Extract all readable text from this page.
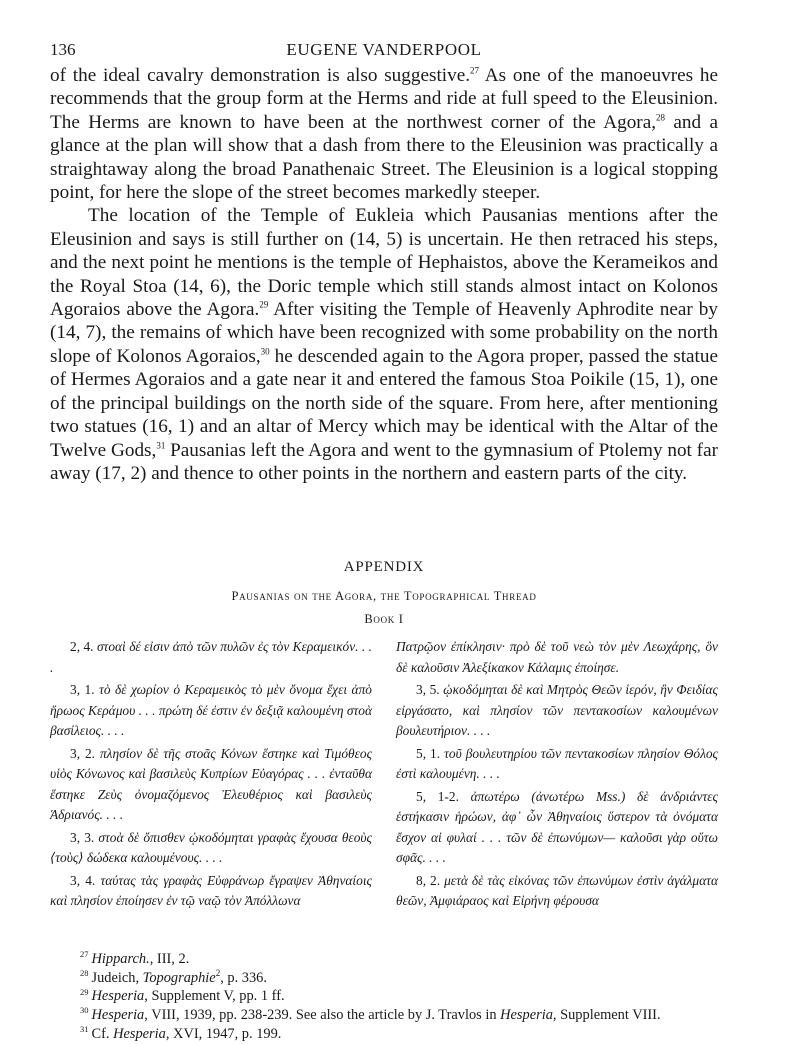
136	EUGENE VANDERPOOL

of the ideal cavalry demonstration is also suggestive.$^{27}$ As one of the manoeuvres he recommends that the group form at the Herms and ride at full speed to the Eleusinion. The Herms are known to have been at the northwest corner of the Agora,$^{28}$ and a glance at the plan will show that a dash from there to the Eleusinion was practically a straightaway along the broad Panathenaic Street. The Eleusinion is a logical stopping point, for here the slope of the street becomes markedly steeper.

The location of the Temple of Eukleia which Pausanias mentions after the Eleusinion and says is still further on (14, 5) is uncertain. He then retraced his steps, and the next point he mentions is the temple of Hephaistos, above the Kerameikos and the Royal Stoa (14, 6), the Doric temple which still stands almost intact on Kolonos Agoraios above the Agora.$^{29}$ After visiting the Temple of Heavenly Aphrodite near by (14, 7), the remains of which have been recognized with some probability on the north slope of Kolonos Agoraios,$^{30}$ he descended again to the Agora proper, passed the statue of Hermes Agoraios and a gate near it and entered the famous Stoa Poikile (15, 1), one of the principal buildings on the north side of the square. From here, after mentioning two statues (16, 1) and an altar of Mercy which may be identical with the Altar of the Twelve Gods,$^{31}$ Pausanias left the Agora and went to the gymnasium of Ptolemy not far away (17, 2) and thence to other points in the northern and eastern parts of the city.

APPENDIX
Pausanias on the Agora, the Topographical Thread
Book I

2, 4. στοαὶ δέ εἰσιν ἀπὸ τῶν πυλῶν ἐς τὸν Κεραμεικόν. . . .

3, 1. τὸ δὲ χωρίον ὁ Κεραμεικὸς τὸ μὲν ὄνομα ἔχει ἀπὸ ἥρωος Κεράμου . . . πρώτη δέ ἐστιν ἐν δεξιᾷ καλουμένη στοὰ βασίλειος. . . .

3, 2. πλησίον δὲ τῆς στοᾶς Κόνων ἕστηκε καὶ Τιμόθεος υἱὸς Κόνωνος καὶ βασιλεὺς Κυπρίων Εὐαγόρας . . . ἐνταῦθα ἕστηκε Ζεὺς ὀνομαζόμενος Ἐλευθέριος καὶ βασιλεὺς Ἁδριανός. . . .

3, 3. στοὰ δὲ ὄπισθεν ᾠκοδόμηται γραφὰς ἔχουσα θεοὺς ⟨τοὺς⟩ δώδεκα καλουμένους. . . .

3, 4. ταύτας τὰς γραφὰς Εὐφράνωρ ἔγραψεν Ἀθηναίοις καὶ πλησίον ἐποίησεν ἐν τῷ ναῷ τὸν Ἀπόλλωνα

Πατρῷον ἐπίκλησιν· πρὸ δὲ τοῦ νεὼ τὸν μὲν Λεωχάρης, ὃν δὲ καλοῦσιν Ἀλεξίκακον Κάλαμις ἐποίησε.

3, 5. ᾠκοδόμηται δὲ καὶ Μητρὸς Θεῶν ἱερόν, ἣν Φειδίας εἰργάσατο, καὶ πλησίον τῶν πεντακοσίων καλουμένων βουλευτήριον. . . .

5, 1. τοῦ βουλευτηρίου τῶν πεντακοσίων πλησίον Θόλος ἐστὶ καλουμένη. . . .

5, 1-2. ἀπωτέρω (ἀνωτέρω Mss.) δὲ ἀνδριάντες ἑστήκασιν ἡρώων, ἀφ᾽ ὧν Ἀθηναίοις ὕστερον τὰ ὀνόματα ἔσχον αἱ φυλαί . . . τῶν δὲ ἐπωνύμων— καλοῦσι γὰρ οὕτω σφᾶς. . . .

8, 2. μετὰ δὲ τὰς εἰκόνας τῶν ἐπωνύμων ἐστὶν ἀγάλματα θεῶν, Ἀμφιάραος καὶ Εἰρήνη φέρουσα

$^{27}$ Hipparch., III, 2.

$^{28}$ Judeich, Topographie$^2$, p. 336.

$^{29}$ Hesperia, Supplement V, pp. 1 ff.

$^{30}$ Hesperia, VIII, 1939, pp. 238-239. See also the article by J. Travlos in Hesperia, Supplement VIII.

$^{31}$ Cf. Hesperia, XVI, 1947, p. 199.
